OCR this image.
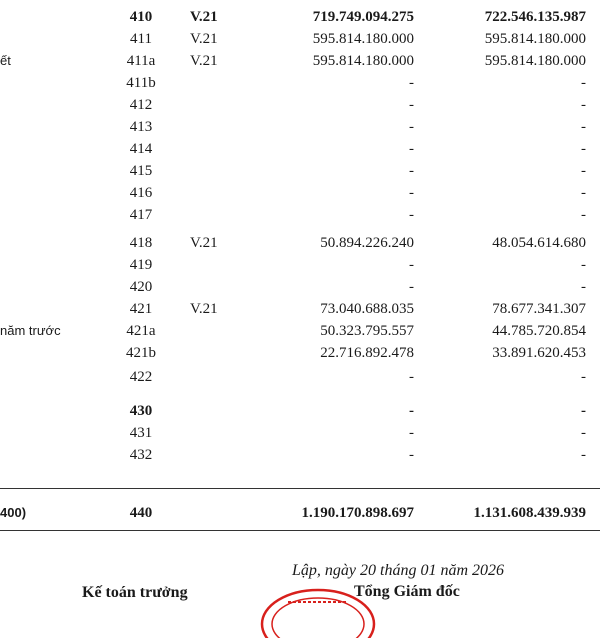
410	V.21	719.749.094.275	722.546.135.987
411	V.21	595.814.180.000	595.814.180.000
ết	411a	V.21	595.814.180.000	595.814.180.000
411b	-	-
412	-	-
413	-	-
414	-	-
415	-	-
416	-	-
417	-	-
418	V.21	50.894.226.240	48.054.614.680
419	-	-
420	-	-
421	V.21	73.040.688.035	78.677.341.307
năm trước	421a	50.323.795.557	44.785.720.854
421b	22.716.892.478	33.891.620.453
422	-	-
430	-	-
431	-	-
432	-	-
400)	440	1.190.170.898.697	1.131.608.439.939
Lập, ngày 20 tháng 01 năm 2026
Kế toán trưởng	Tổng Giám đốc
